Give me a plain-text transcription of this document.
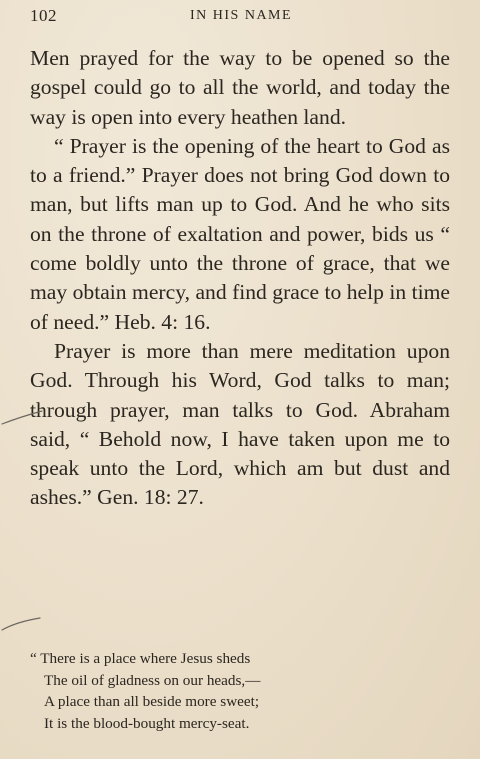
102	IN HIS NAME

Men prayed for the way to be opened so the gospel could go to all the world, and today the way is open into every heathen land.

“ Prayer is the opening of the heart to God as to a friend.” Prayer does not bring God down to man, but lifts man up to God. And he who sits on the throne of exaltation and power, bids us “ come boldly unto the throne of grace, that we may obtain mercy, and find grace to help in time of need.” Heb. 4: 16.

Prayer is more than mere meditation upon God. Through his Word, God talks to man; through prayer, man talks to God. Abraham said, “ Behold now, I have taken upon me to speak unto the Lord, which am but dust and ashes.” Gen. 18: 27.

“ There is a place where Jesus sheds
The oil of gladness on our heads,—
A place than all beside more sweet;
It is the blood-bought mercy-seat.
